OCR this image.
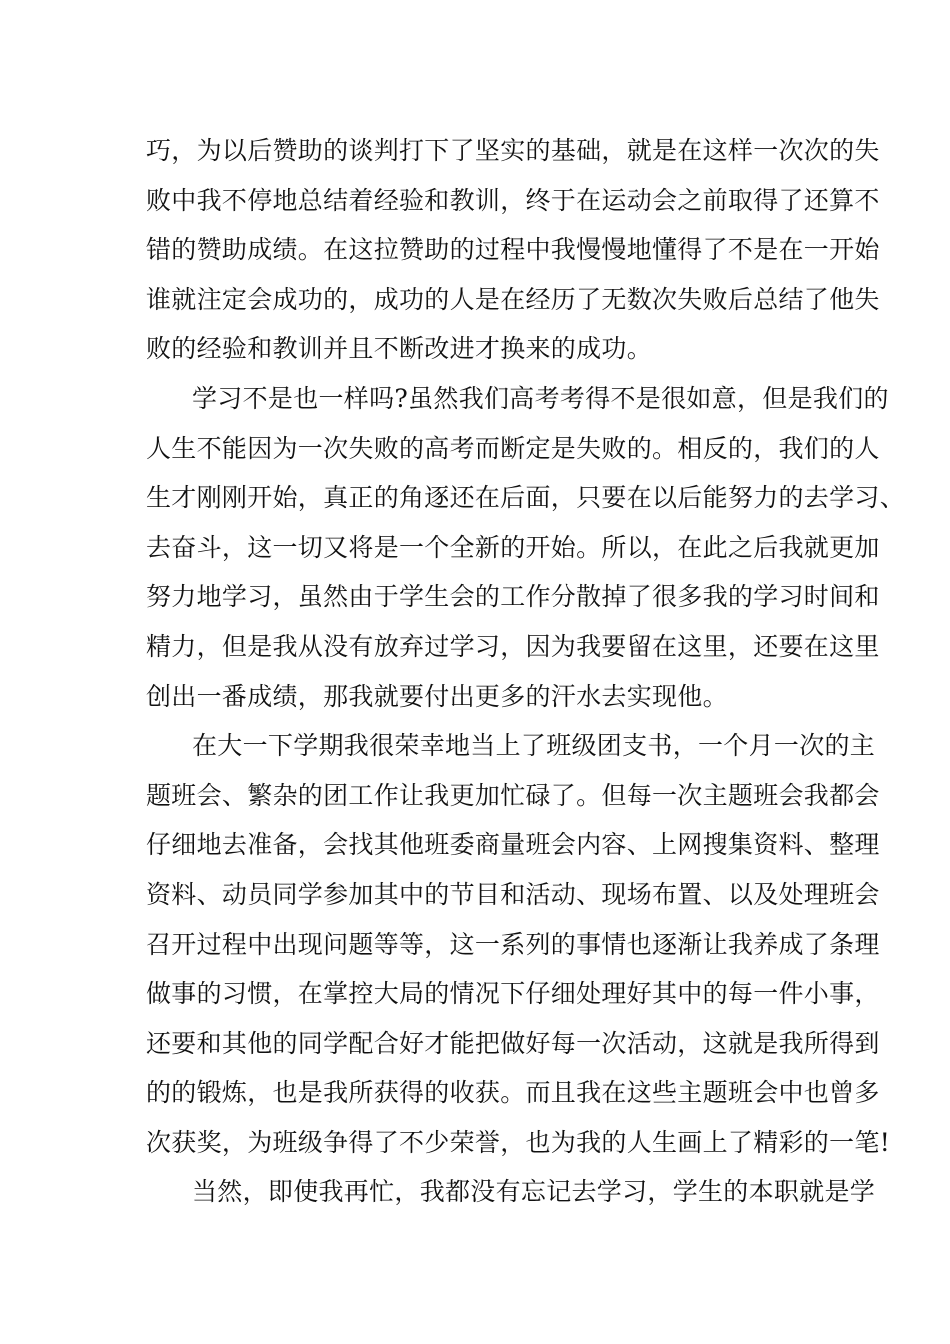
巧，为以后赞助的谈判打下了坚实的基础，就是在这样一次次的失
败中我不停地总结着经验和教训，终于在运动会之前取得了还算不
错的赞助成绩。在这拉赞助的过程中我慢慢地懂得了不是在一开始
谁就注定会成功的，成功的人是在经历了无数次失败后总结了他失
败的经验和教训并且不断改进才换来的成功。
学习不是也一样吗?虽然我们高考考得不是很如意，但是我们的
人生不能因为一次失败的高考而断定是失败的。相反的，我们的人
生才刚刚开始，真正的角逐还在后面，只要在以后能努力的去学习、
去奋斗，这一切又将是一个全新的开始。所以，在此之后我就更加
努力地学习，虽然由于学生会的工作分散掉了很多我的学习时间和
精力，但是我从没有放弃过学习，因为我要留在这里，还要在这里
创出一番成绩，那我就要付出更多的汗水去实现他。
在大一下学期我很荣幸地当上了班级团支书，一个月一次的主
题班会、繁杂的团工作让我更加忙碌了。但每一次主题班会我都会
仔细地去准备，会找其他班委商量班会内容、上网搜集资料、整理
资料、动员同学参加其中的节目和活动、现场布置、以及处理班会
召开过程中出现问题等等，这一系列的事情也逐渐让我养成了条理
做事的习惯，在掌控大局的情况下仔细处理好其中的每一件小事，
还要和其他的同学配合好才能把做好每一次活动，这就是我所得到
的的锻炼，也是我所获得的收获。而且我在这些主题班会中也曾多
次获奖，为班级争得了不少荣誉，也为我的人生画上了精彩的一笔!
当然，即使我再忙，我都没有忘记去学习，学生的本职就是学
